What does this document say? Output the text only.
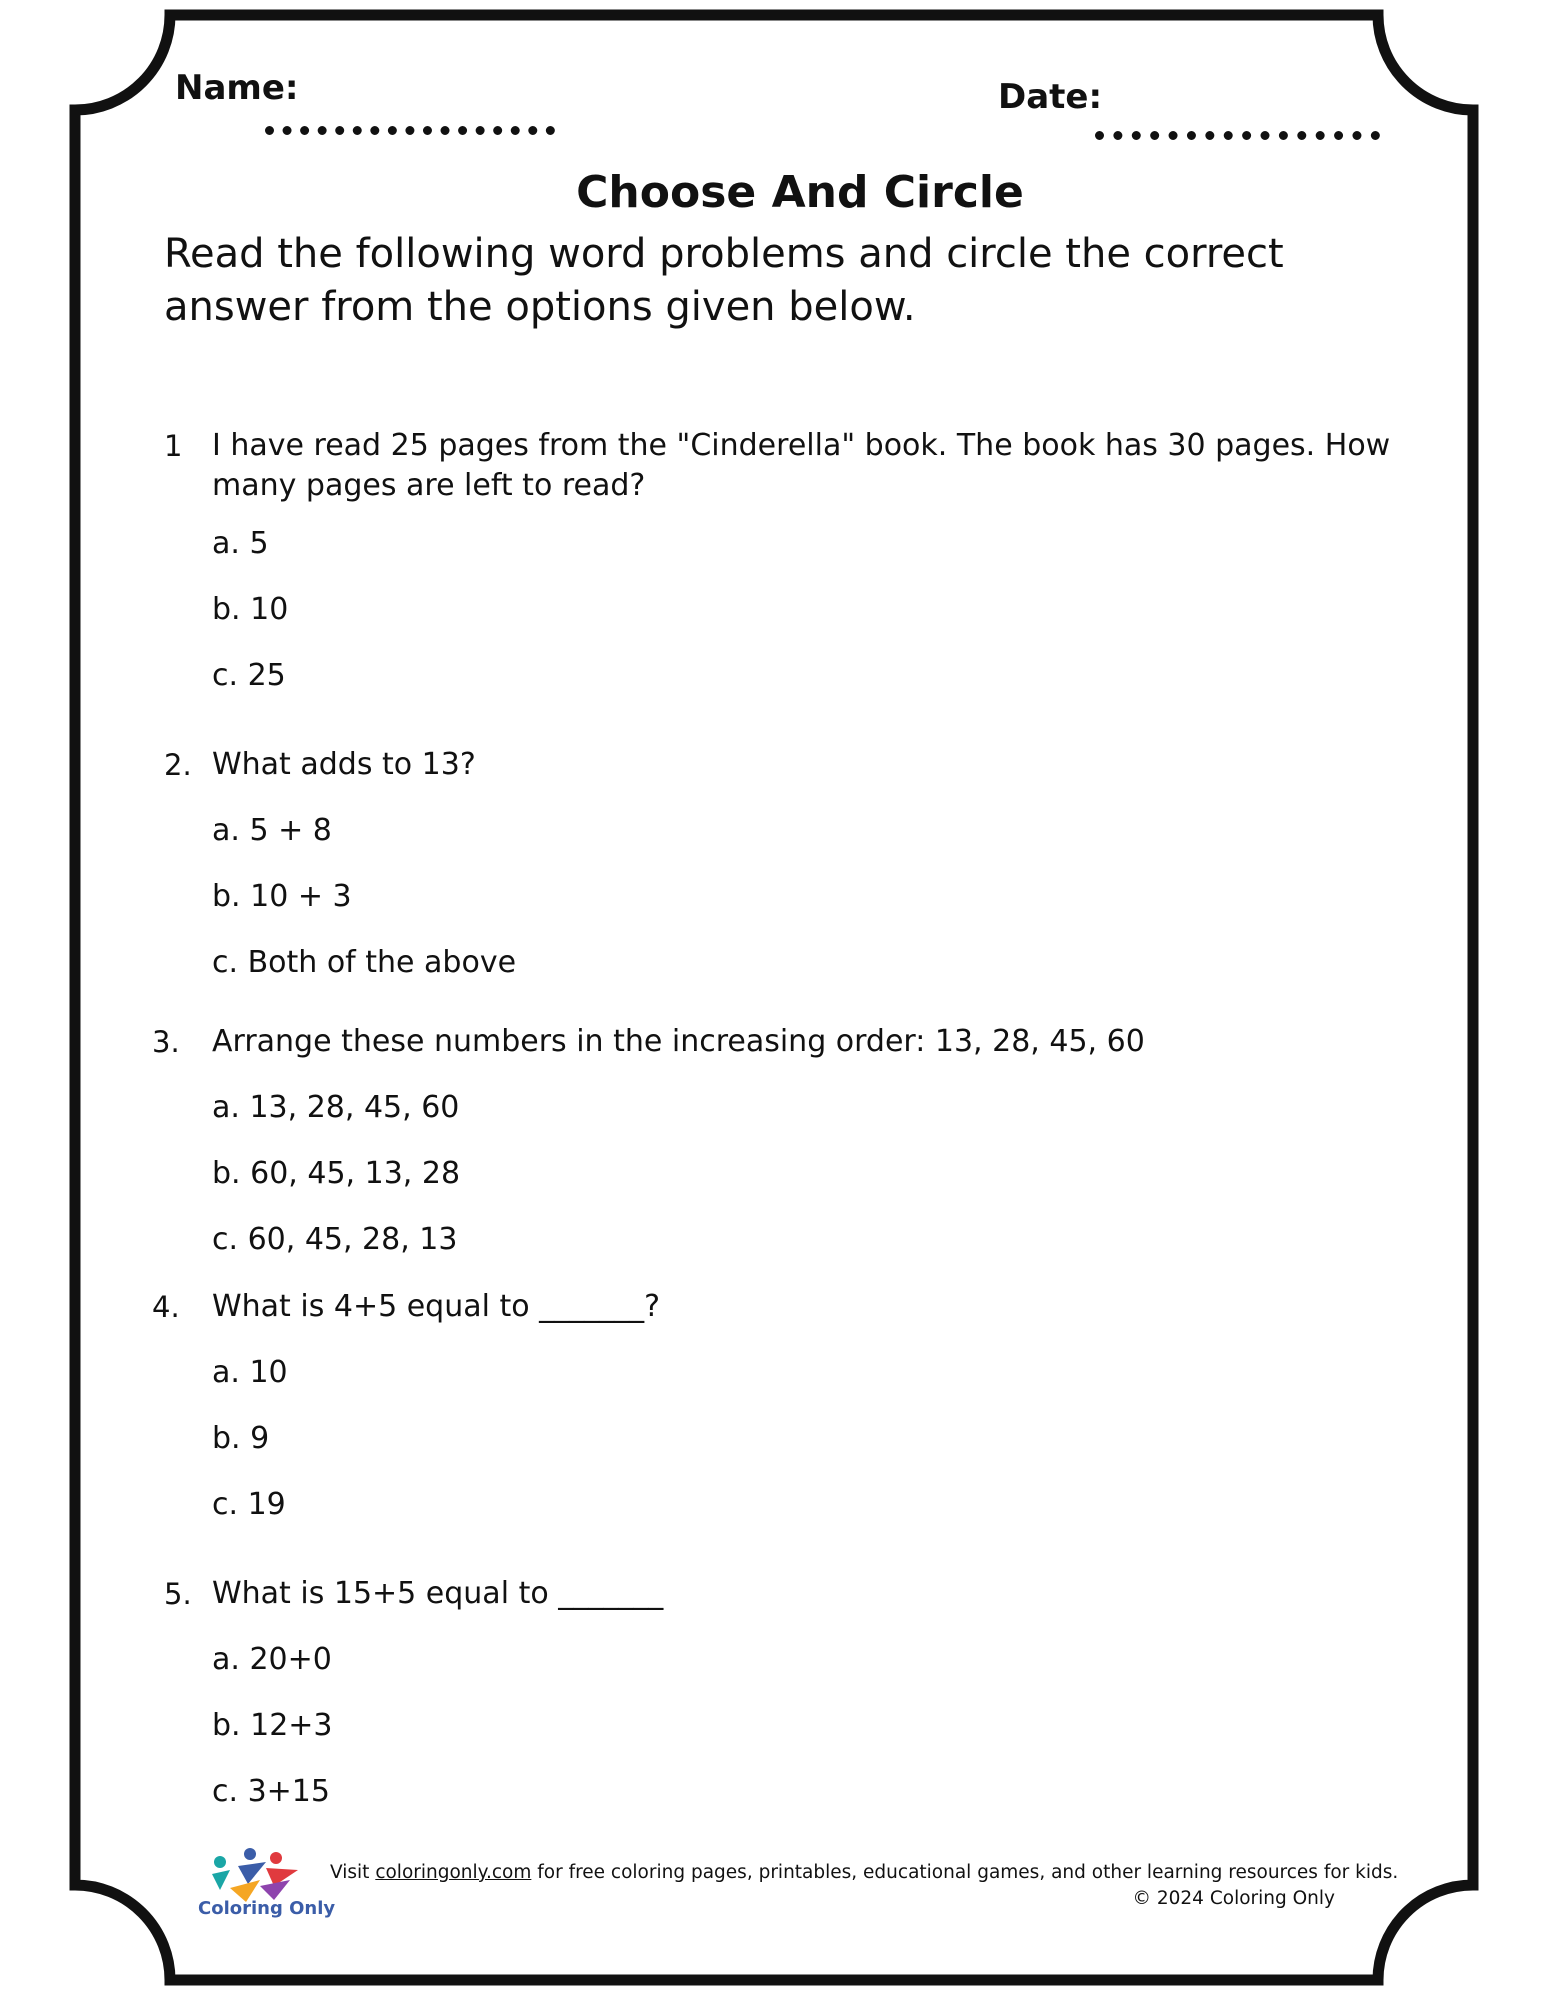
Name:	Date:
Choose And Circle
Read the following word problems and circle the correct answer from the options given below.
1 I have read 25 pages from the "Cinderella" book. The book has 30 pages. How many pages are left to read?
a. 5
b. 10
c. 25
2. What adds to 13?
a. 5 + 8
b. 10 + 3
c. Both of the above
3. Arrange these numbers in the increasing order: 13, 28, 45, 60
a. 13, 28, 45, 60
b. 60, 45, 13, 28
c. 60, 45, 28, 13
4. What is 4+5 equal to _______?
a. 10
b. 9
c. 19
5. What is 15+5 equal to _______
a. 20+0
b. 12+3
c. 3+15
Coloring Only
Visit coloringonly.com for free coloring pages, printables, educational games, and other learning resources for kids.
© 2024 Coloring Only
